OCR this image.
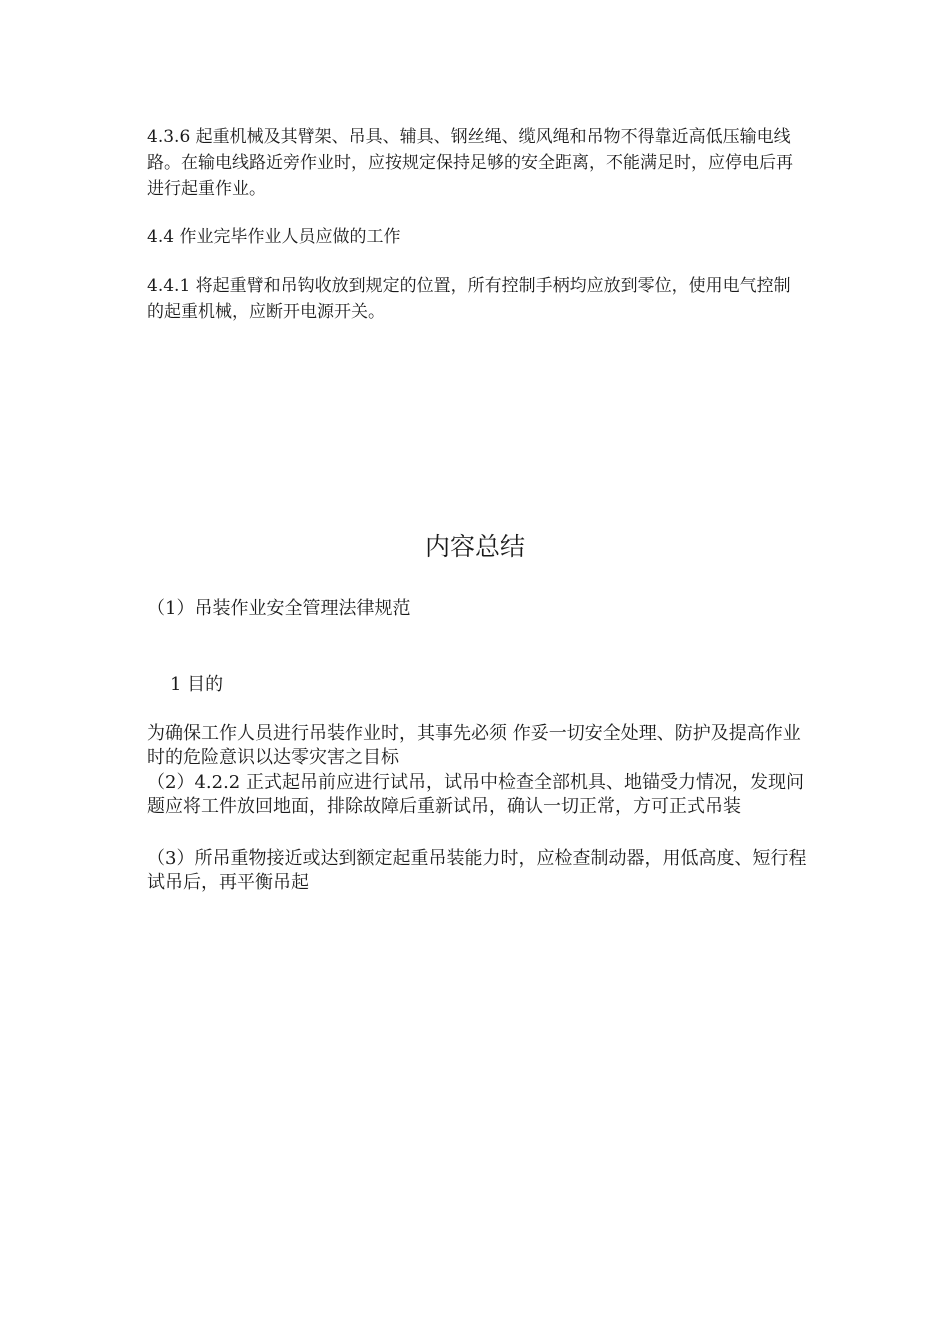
4.3.6 起重机械及其臂架、吊具、辅具、钢丝绳、缆风绳和吊物不得靠近高低压输电线路。在输电线路近旁作业时，应按规定保持足够的安全距离，不能满足时，应停电后再进行起重作业。

4.4 作业完毕作业人员应做的工作

4.4.1 将起重臂和吊钩收放到规定的位置，所有控制手柄均应放到零位，使用电气控制的起重机械，应断开电源开关。

内容总结

（1）吊装作业安全管理法律规范

1 目的

为确保工作人员进行吊装作业时，其事先必须 作妥一切安全处理、防护及提高作业时的危险意识以达零灾害之目标

（2）4.2.2 正式起吊前应进行试吊，试吊中检查全部机具、地锚受力情况，发现问题应将工件放回地面，排除故障后重新试吊，确认一切正常，方可正式吊装

（3）所吊重物接近或达到额定起重吊装能力时，应检查制动器，用低高度、短行程试吊后，再平衡吊起
